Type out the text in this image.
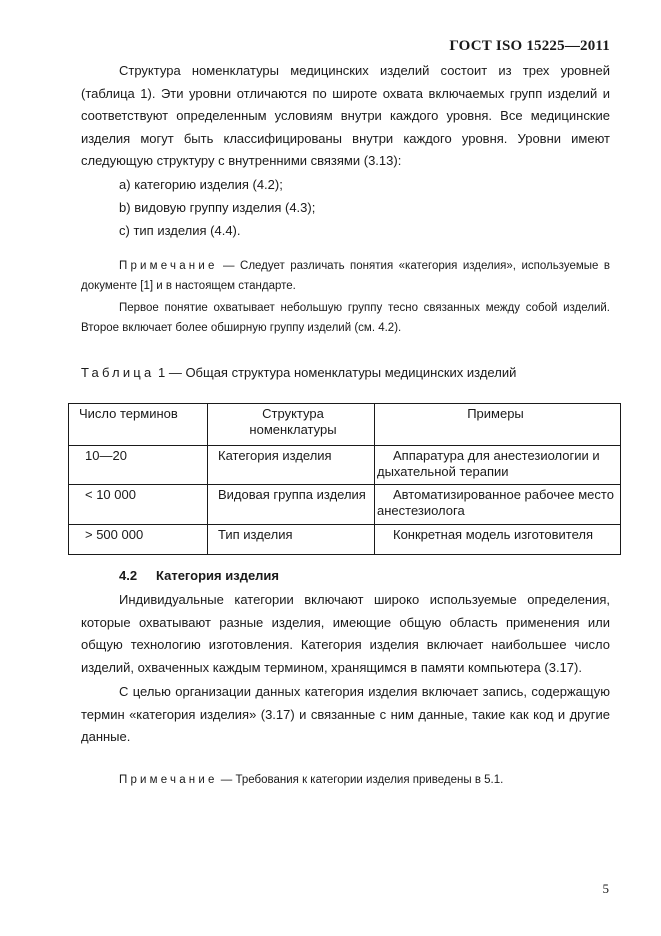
ГОСТ ISO 15225—2011
Структура номенклатуры медицинских изделий состоит из трех уровней (таблица 1). Эти уровни отличаются по широте охвата включаемых групп изделий и соответствуют определенным условиям внутри каждого уровня. Все медицинские изделия могут быть классифицированы внутри каждого уровня. Уровни имеют следующую структуру с внутренними связями (3.13):
а) категорию изделия (4.2);
b) видовую группу изделия (4.3);
с) тип изделия (4.4).
Примечание — Следует различать понятия «категория изделия», используемые в документе [1] и в настоящем стандарте.
Первое понятие охватывает небольшую группу тесно связанных между собой изделий. Второе включает более обширную группу изделий (см. 4.2).
Таблица 1 — Общая структура номенклатуры медицинских изделий
Число терминов	Структура номенклатуры	Примеры
10—20	Категория изделия	Аппаратура для анестезиологии и дыхательной терапии

< 10 000	Видовая группа изделия	Автоматизированное рабочее место анестезиолога

> 500 000	Тип изделия	Конкретная модель изготовителя
4.2 Категория изделия
Индивидуальные категории включают широко используемые определения, которые охватывают разные изделия, имеющие общую область применения или общую технологию изготовления. Категория изделия включает наибольшее число изделий, охваченных каждым термином, хранящимся в памяти компьютера (3.17).
С целью организации данных категория изделия включает запись, содержащую термин «категория изделия» (3.17) и связанные с ним данные, такие как код и другие данные.
Примечание — Требования к категории изделия приведены в 5.1.
5
